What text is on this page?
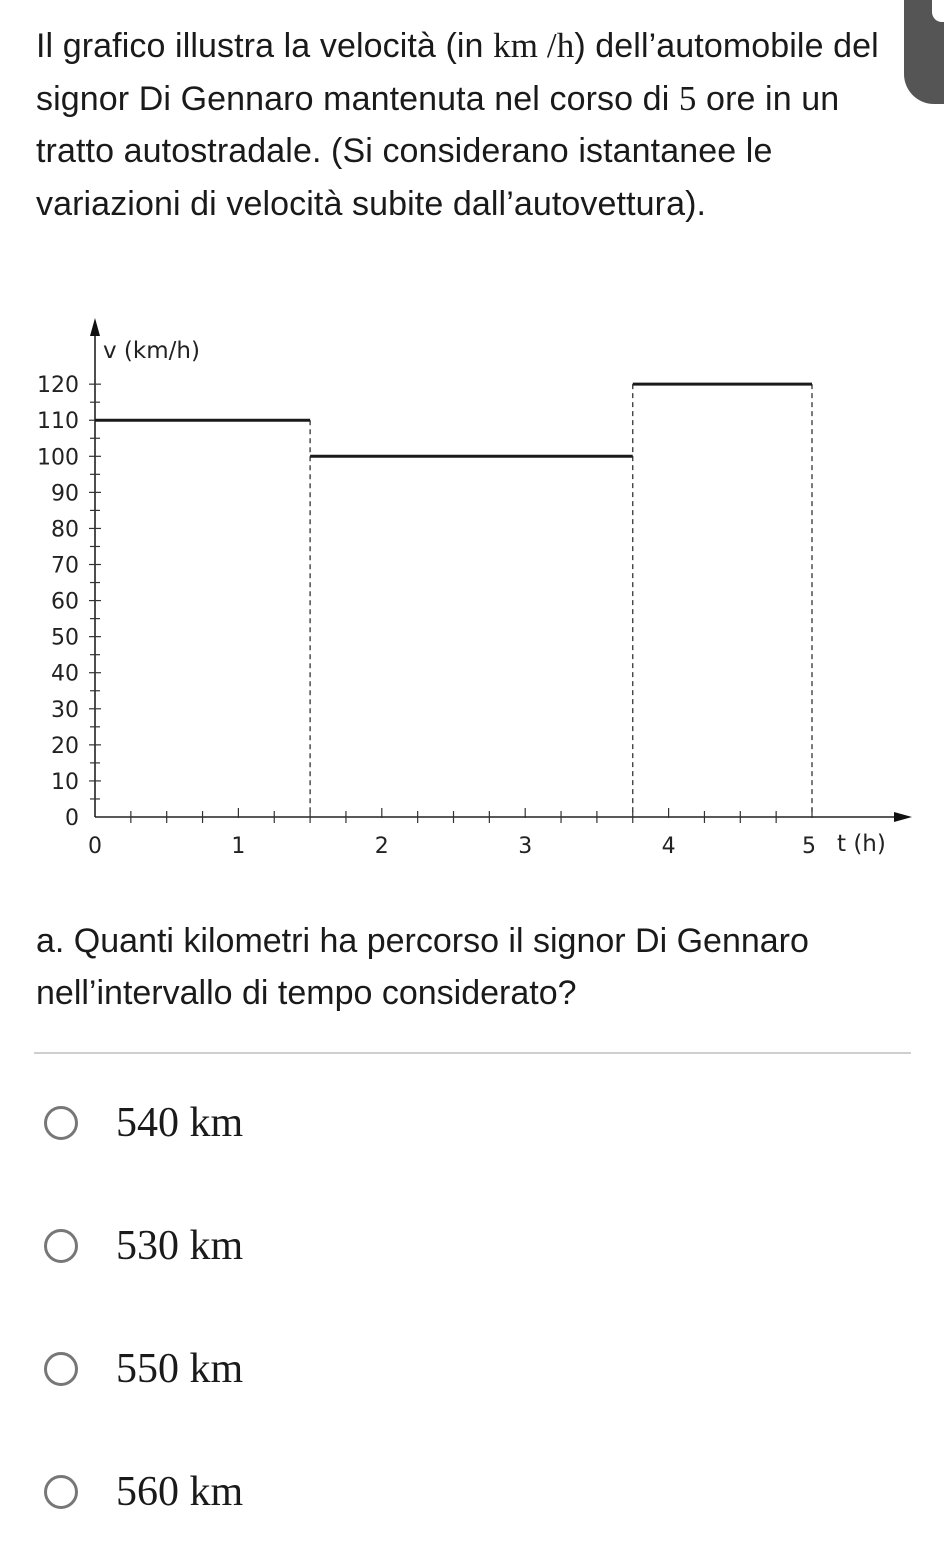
Il grafico illustra la velocità (in km /h) dell’automobile del signor Di Gennaro mantenuta nel corso di 5 ore in un tratto autostradale. (Si considerano istantanee le variazioni di velocità subite dall’autovettura).
0
10
20
30
40
50
60
70
80
90
100
110
120
0	1	2	3	4	5
v (km/h)
t (h)
a. Quanti kilometri ha percorso il signor Di Gennaro nell’intervallo di tempo considerato?
540 km
530 km
550 km
560 km
